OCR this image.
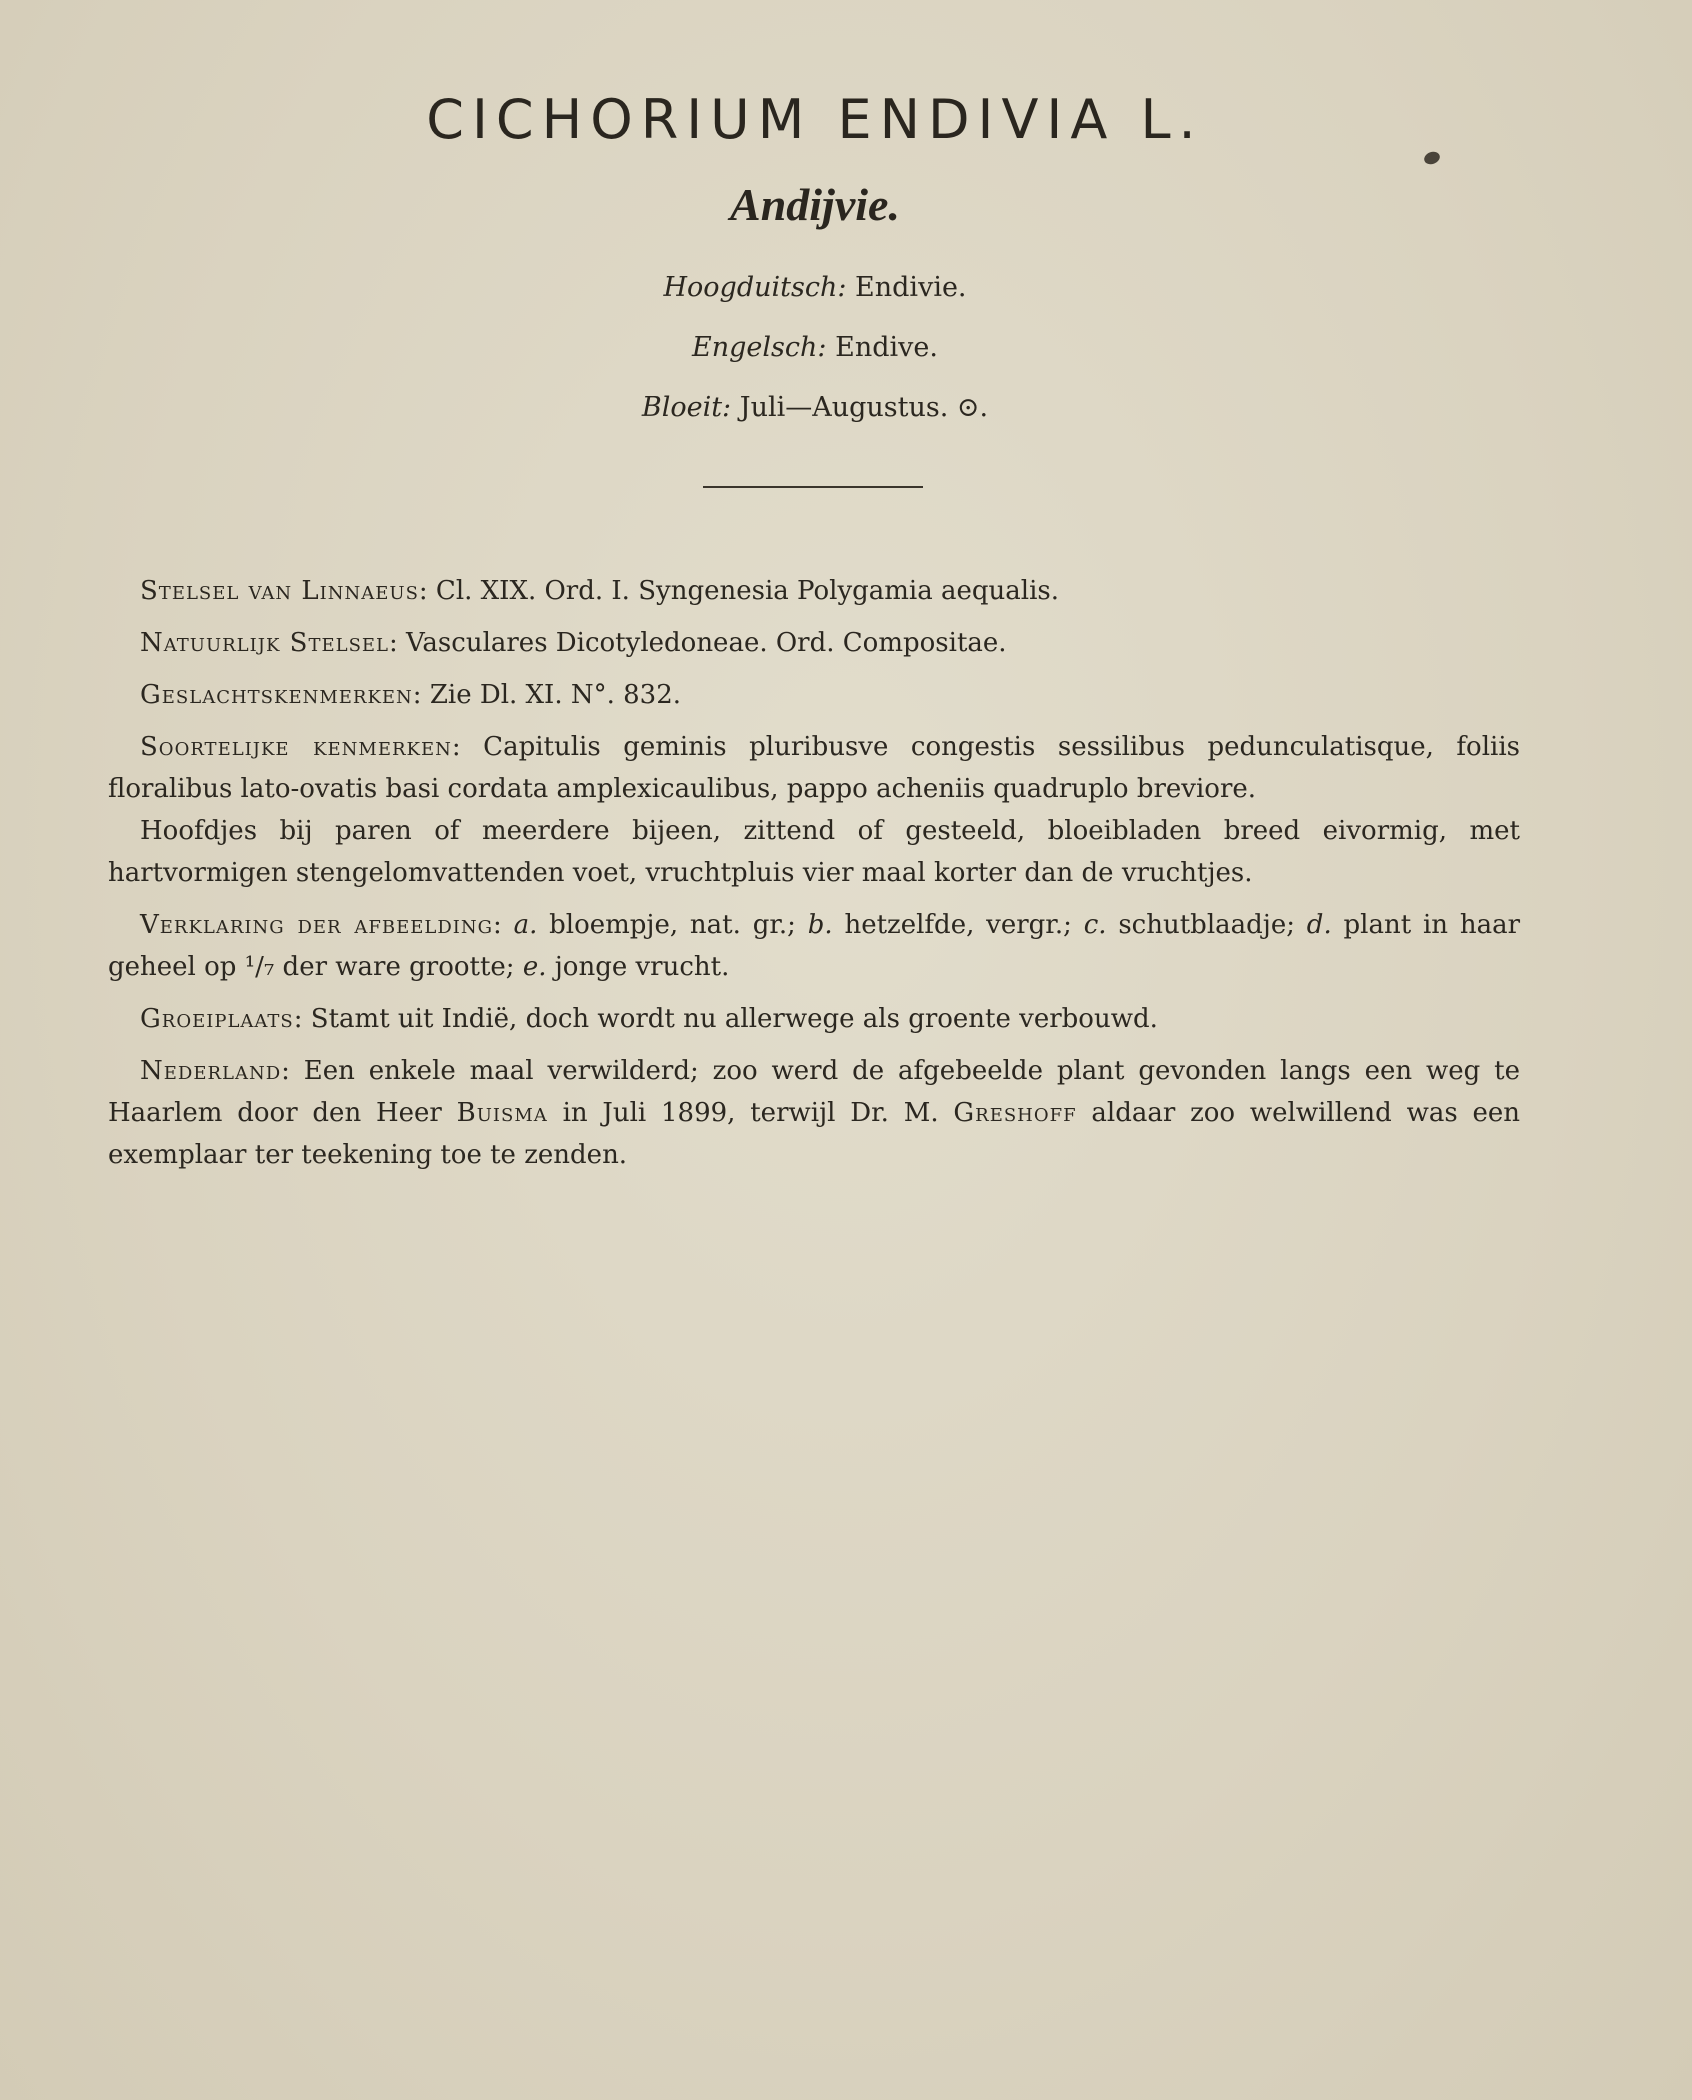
CICHORIUM ENDIVIA L.
Andijvie.

Hoogduitsch: Endivie.

Engelsch: Endive.

Bloeit: Juli—Augustus. ⊙.

Stelsel van Linnaeus: Cl. XIX. Ord. I. Syngenesia Polygamia aequalis.

Natuurlijk Stelsel: Vasculares Dicotyledoneae. Ord. Compositae.

Geslachtskenmerken: Zie Dl. XI. N°. 832.

Soortelijke kenmerken: Capitulis geminis pluribusve congestis sessilibus pedunculatisque, foliis floralibus lato-ovatis basi cordata amplexicaulibus, pappo acheniis quadruplo breviore.

Hoofdjes bij paren of meerdere bijeen, zittend of gesteeld, bloeibladen breed eivormig, met hartvormigen stengelomvattenden voet, vruchtpluis vier maal korter dan de vruchtjes.

Verklaring der afbeelding: a. bloempje, nat. gr.; b. hetzelfde, vergr.; c. schutblaadje; d. plant in haar geheel op ¹/₇ der ware grootte; e. jonge vrucht.

Groeiplaats: Stamt uit Indië, doch wordt nu allerwege als groente verbouwd.

Nederland: Een enkele maal verwilderd; zoo werd de afgebeelde plant gevonden langs een weg te Haarlem door den Heer Buisma in Juli 1899, terwijl Dr. M. Greshoff aldaar zoo welwillend was een exemplaar ter teekening toe te zenden.
